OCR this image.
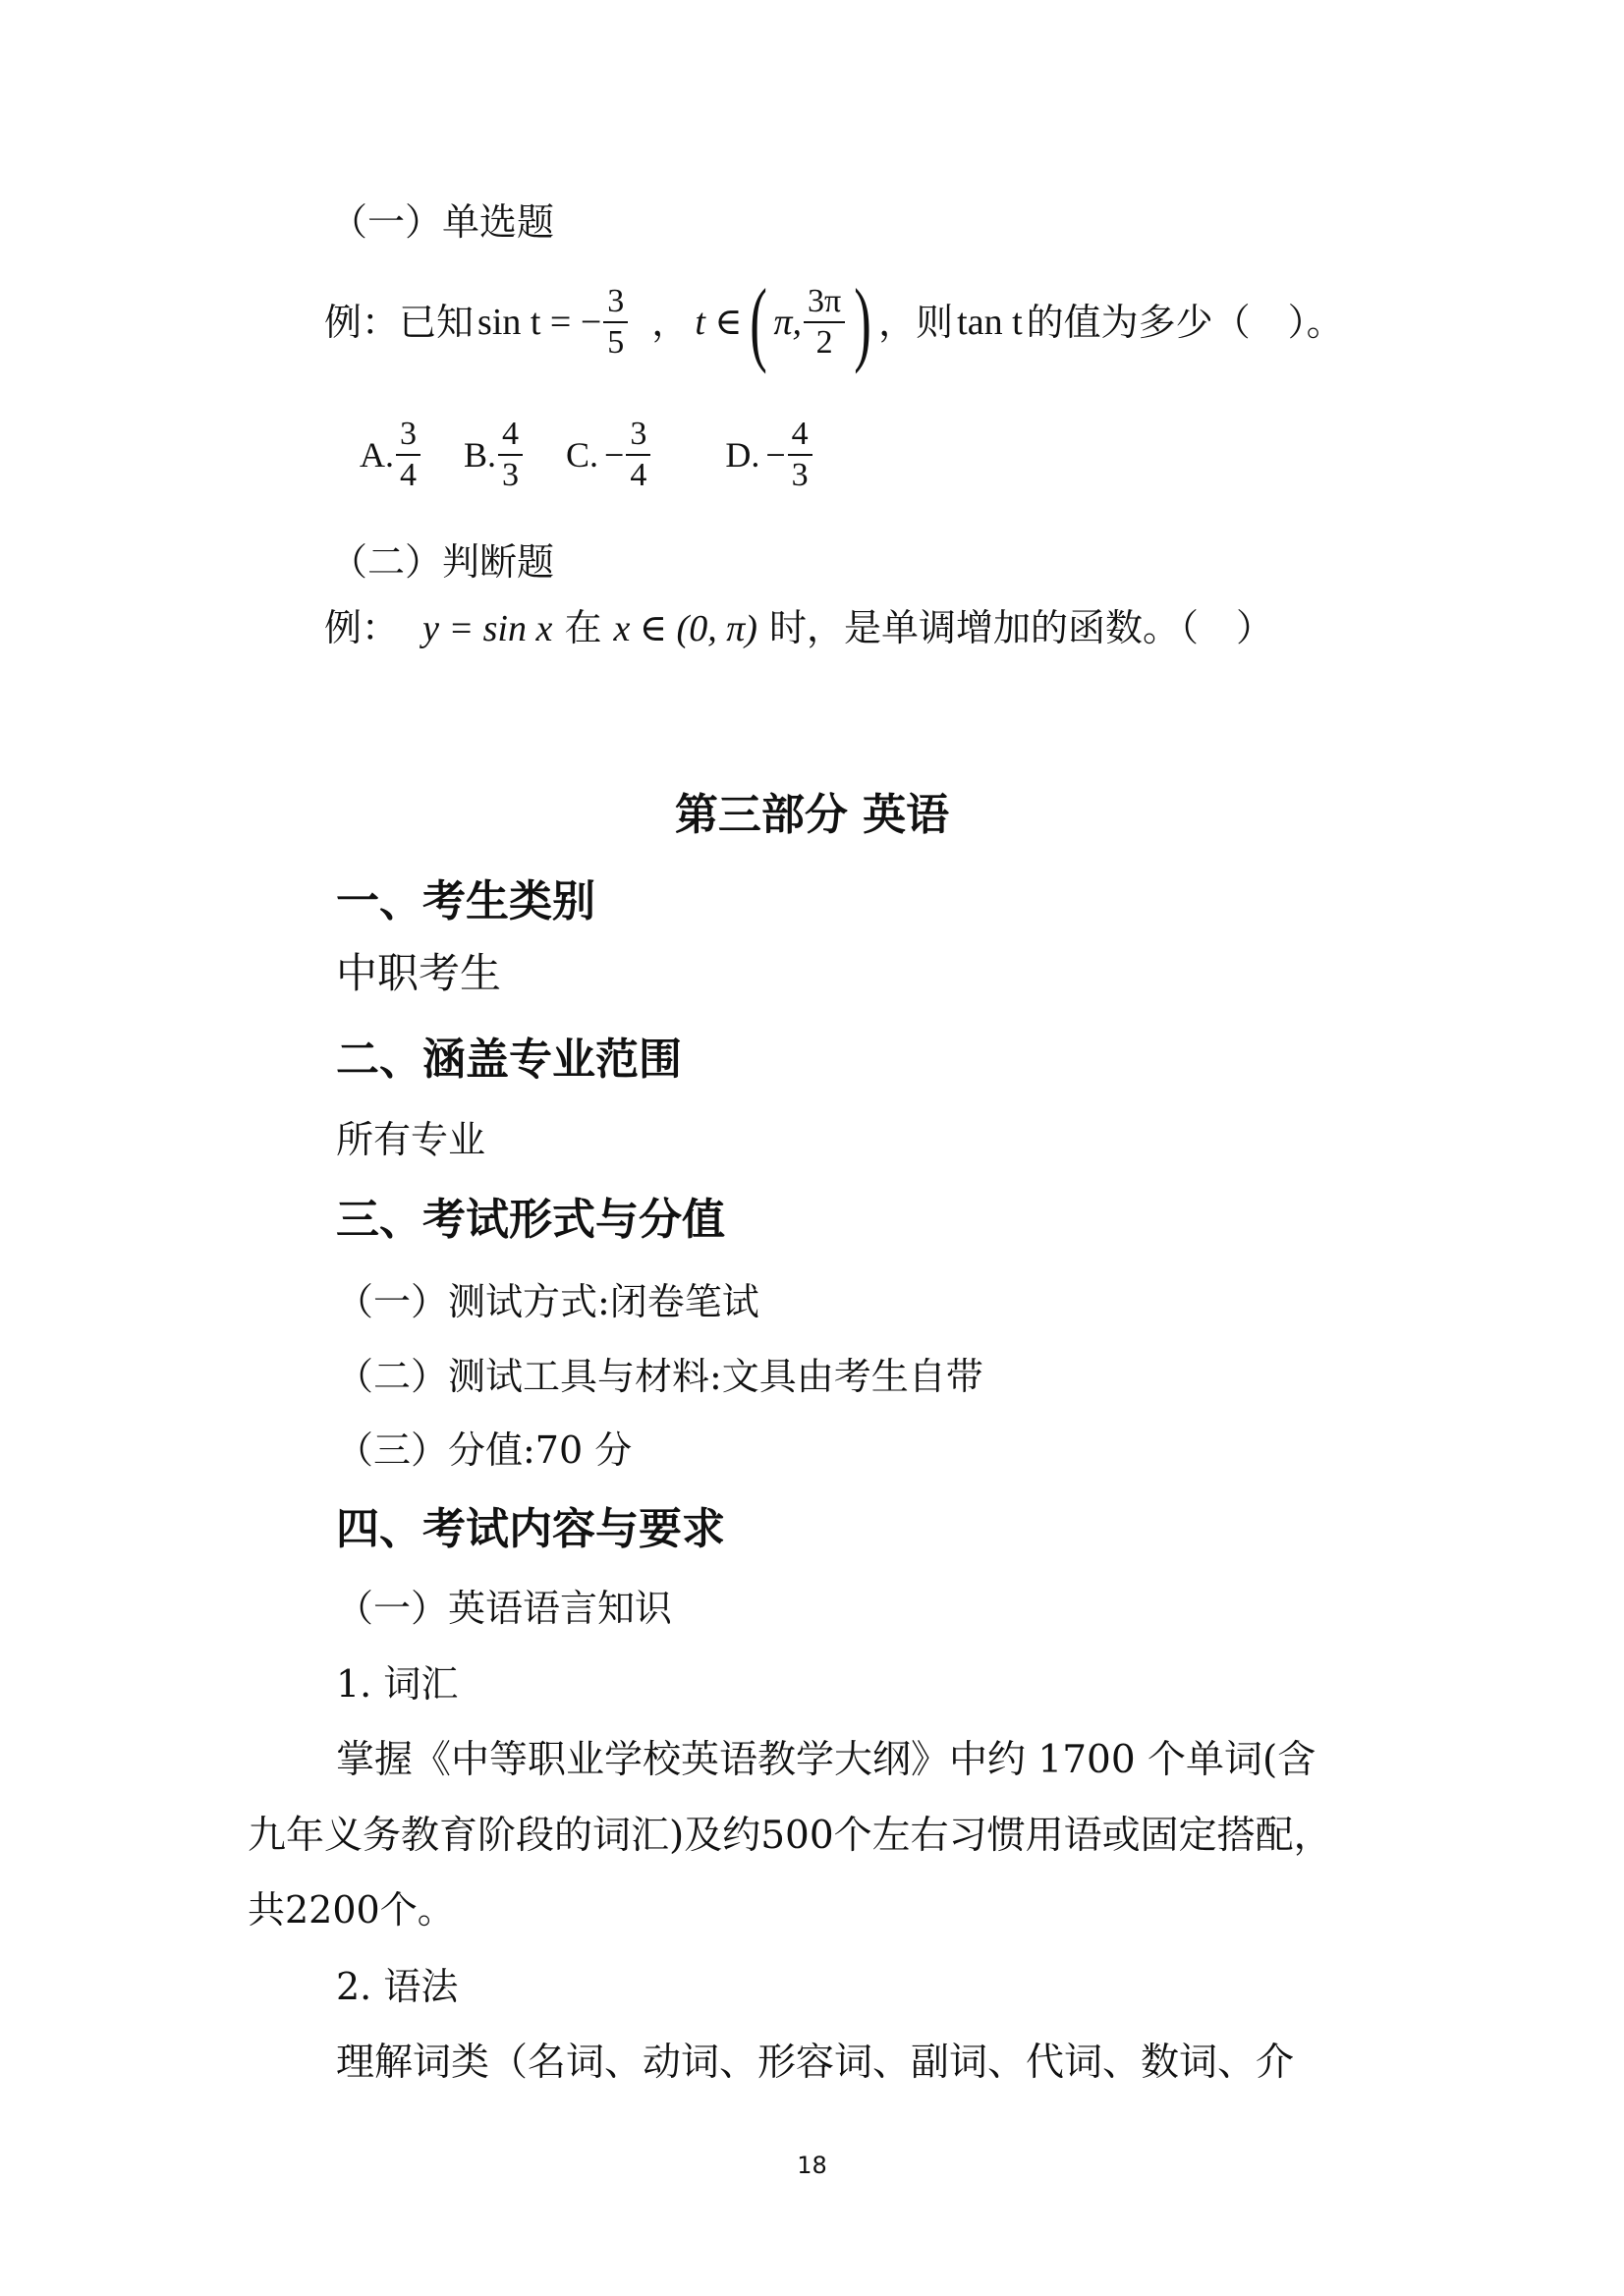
（一）单选题
例： 已知 sin t = − $\frac{3}{5}$ ， t ∈ ( π, $\frac{3\pi}{2}$ ) ，则 tan t 的值为多少（　）。
A. $\frac{3}{4} B$. $\frac{4}{3} C$. − $\frac{3}{4} D$. − $\frac{4}{3}$
（二）判断题
例： y = sin x 在 x ∈ (0, π) 时，是单调增加的函数。（　）
第三部分 英语
一、考生类别
中职考生
二、涵盖专业范围
所有专业
三、考试形式与分值
（一）测试方式:闭卷笔试
（二）测试工具与材料:文具由考生自带
（三）分值:70 分
四、考试内容与要求
（一）英语语言知识
1. 词汇
掌握《中等职业学校英语教学大纲》中约 1700 个单词(含
九年义务教育阶段的词汇)及约500个左右习惯用语或固定搭配，
共2200个。
2. 语法
理解词类（名词、动词、形容词、副词、代词、数词、介
18
